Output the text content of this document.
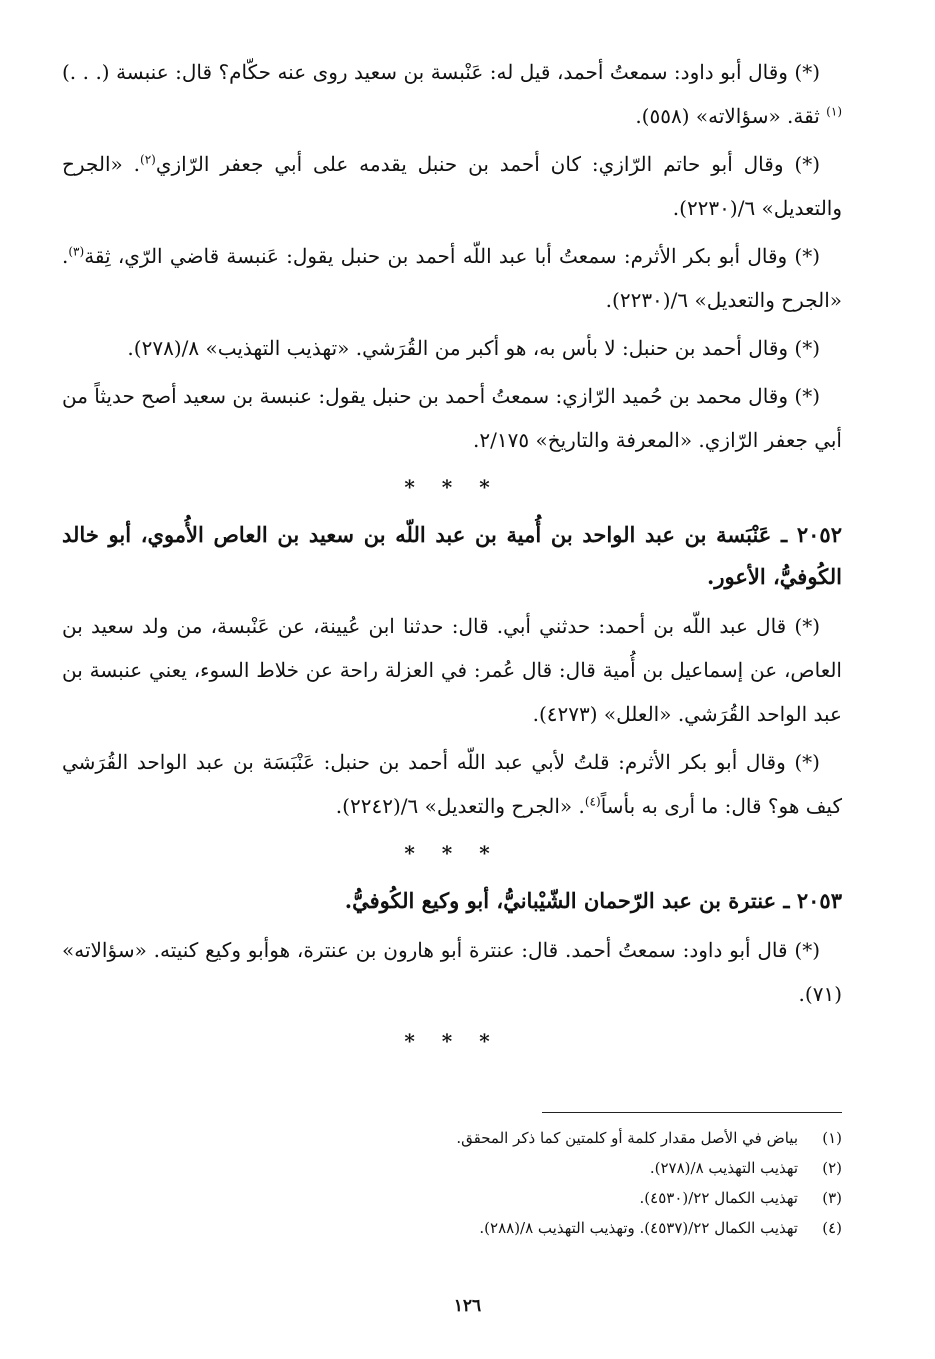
(*) وقال أبو داود: سمعتُ أحمد، قيل له: عَنْبسة بن سعيد روى عنه حكّام؟ قال: عنبسة (. . .)$^{(١)}$ ثقة. «سؤالاته» (٥٥٨).

(*) وقال أبو حاتم الرّازي: كان أحمد بن حنبل يقدمه على أبي جعفر الرّازي$^{(٢)}$. «الجرح والتعديل» ٦/(٢٢٣٠).

(*) وقال أبو بكر الأثرم: سمعتُ أبا عبد اللّه أحمد بن حنبل يقول: عَنبسة قاضي الرّي، ثِقة$^{(٣)}$. «الجرح والتعديل» ٦/(٢٢٣٠).

(*) وقال أحمد بن حنبل: لا بأس به، هو أكبر من القُرَشي. «تهذيب التهذيب» ٨/(٢٧٨).

(*) وقال محمد بن حُميد الرّازي: سمعتُ أحمد بن حنبل يقول: عنبسة بن سعيد أصح حديثاً من أبي جعفر الرّازي. «المعرفة والتاريخ» ٢/١٧٥.

* * *
٢٠٥٢ ـ عَنْبَسة بن عبد الواحد بن أُمية بن عبد اللّه بن سعيد بن العاص الأُموي، أبو خالد الكُوفيُّ، الأعور.

(*) قال عبد اللّه بن أحمد: حدثني أبي. قال: حدثنا ابن عُيينة، عن عَنْبسة، من ولد سعيد بن العاص، عن إسماعيل بن أُمية قال: قال عُمر: في العزلة راحة عن خلاط السوء، يعني عنبسة بن عبد الواحد القُرَشي. «العلل» (٤٢٧٣).

(*) وقال أبو بكر الأثرم: قلتُ لأبي عبد اللّه أحمد بن حنبل: عَنْبَسَة بن عبد الواحد القُرَشي كيف هو؟ قال: ما أرى به بأساً$^{(٤)}$. «الجرح والتعديل» ٦/(٢٢٤٢).

* * *
٢٠٥٣ ـ عنترة بن عبد الرّحمان الشّيْبانيُّ، أبو وكيع الكُوفيُّ.

(*) قال أبو داود: سمعتُ أحمد. قال: عنترة أبو هارون بن عنترة، هوأبو وكيع كنيته. «سؤالاته» (٧١).

* * *
(١)
بياض في الأصل مقدار كلمة أو كلمتين كما ذكر المحقق.
(٢)
تهذيب التهذيب ٨/(٢٧٨).
(٣)
تهذيب الكمال ٢٢/(٤٥٣٠).
(٤)
تهذيب الكمال ٢٢/(٤٥٣٧). وتهذيب التهذيب ٨/(٢٨٨).
١٢٦
